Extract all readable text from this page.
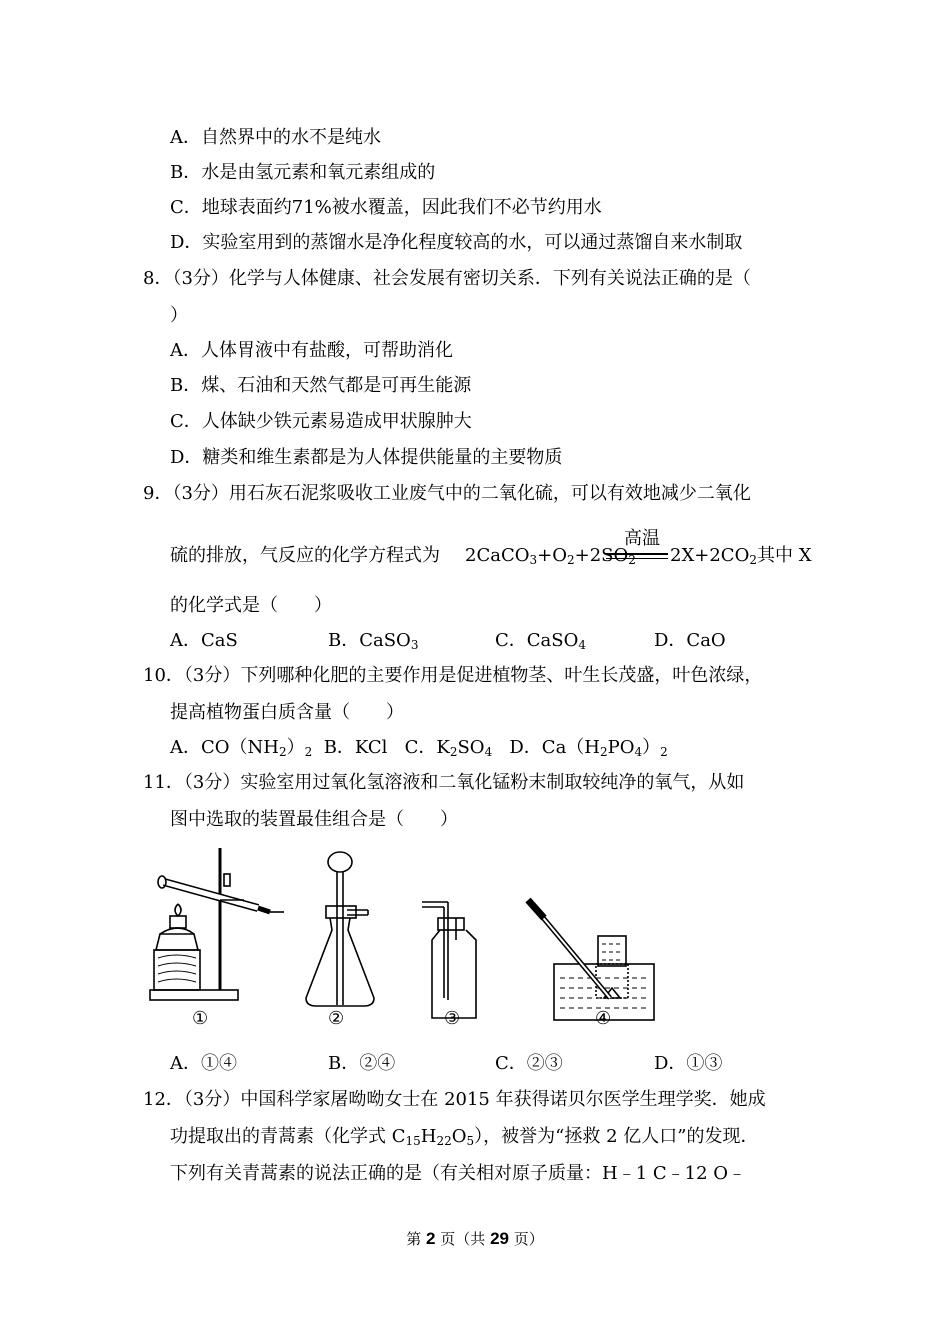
A．自然界中的水不是纯水
B．水是由氢元素和氧元素组成的
C．地球表面约71%被水覆盖，因此我们不必节约用水
D．实验室用到的蒸馏水是净化程度较高的水，可以通过蒸馏自来水制取
8．（3分）化学与人体健康、社会发展有密切关系．下列有关说法正确的是（
）
A．人体胃液中有盐酸，可帮助消化
B．煤、石油和天然气都是可再生能源
C．人体缺少铁元素易造成甲状腺肿大
D．糖类和维生素都是为人体提供能量的主要物质
9．（3分）用石灰石泥浆吸收工业废气中的二氧化硫，可以有效地减少二氧化
硫的排放，气反应的化学方程式为 $2CaCO_3+O_2+2SO_2$
高温
$2X+2CO_2$其中 X
的化学式是（　　）
A．CaS	B．CaSO$_3$	C．CaSO$_4$	D．CaO
10．（3分）下列哪种化肥的主要作用是促进植物茎、叶生长茂盛，叶色浓绿，
提高植物蛋白质含量（　　）
A．$CO(NH_2)_2$  B．KCl   C．$K_2SO_4$   D．$Ca(H_2PO_4)_2$
11．（3分）实验室用过氧化氢溶液和二氧化锰粉末制取较纯净的氧气，从如
图中选取的装置最佳组合是（　　）
①	②	③	④
A．①④	B．②④	C．②③	D．①③
12．（3分）中国科学家屠呦呦女士在 2015 年获得诺贝尔医学生理学奖．她成
功提取出的青蒿素（化学式 $C_{15}H_{22}O_5$），被誉为“拯救 2 亿人口”的发现．
下列有关青蒿素的说法正确的是（有关相对原子质量：H﹣1 C﹣12 O﹣
第 2 页（共 29 页）
